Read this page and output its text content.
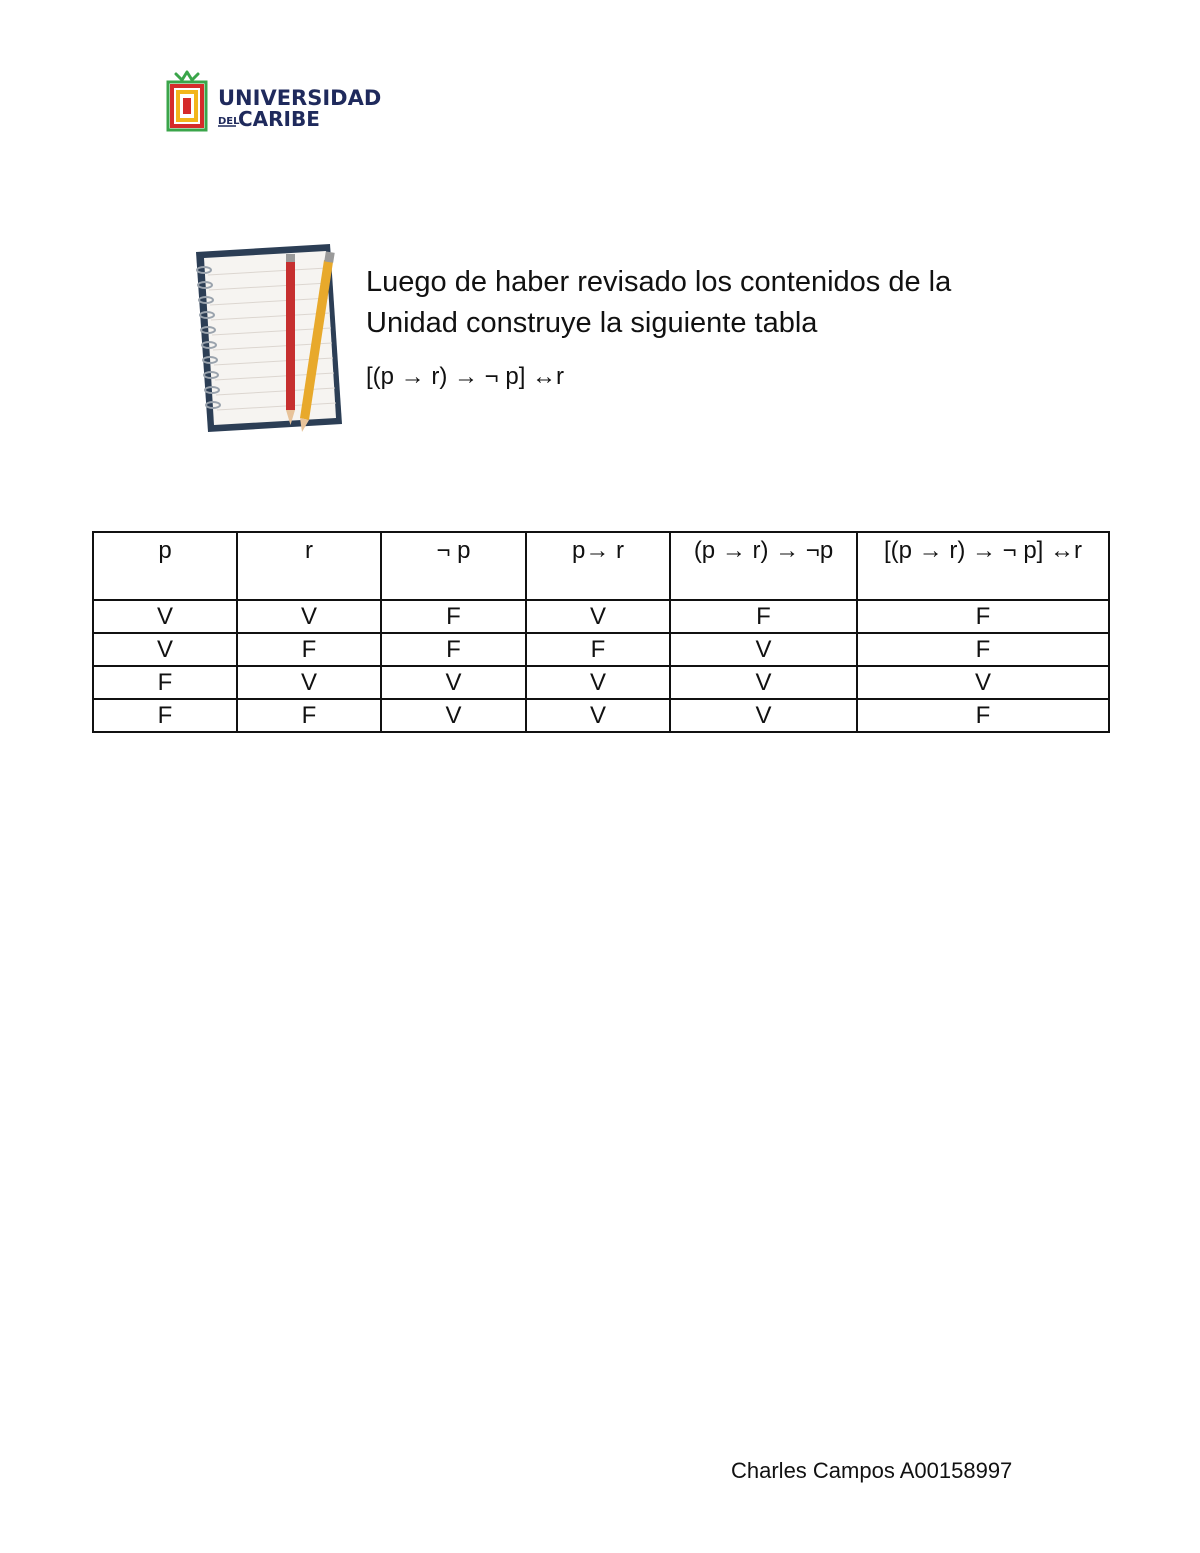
UNIVERSIDAD
DEL
CARIBE
Luego de haber revisado los contenidos de la
Unidad construye la siguiente tabla
[(p → r) → ¬ p] ↔r
p	r	¬ p	p→ r	(p → r) → ¬p	[(p → r) → ¬ p] ↔r
V	V	F	V	F	F
V	F	F	F	V	F
F	V	V	V	V	V
F	F	V	V	V	F
Charles Campos A00158997
